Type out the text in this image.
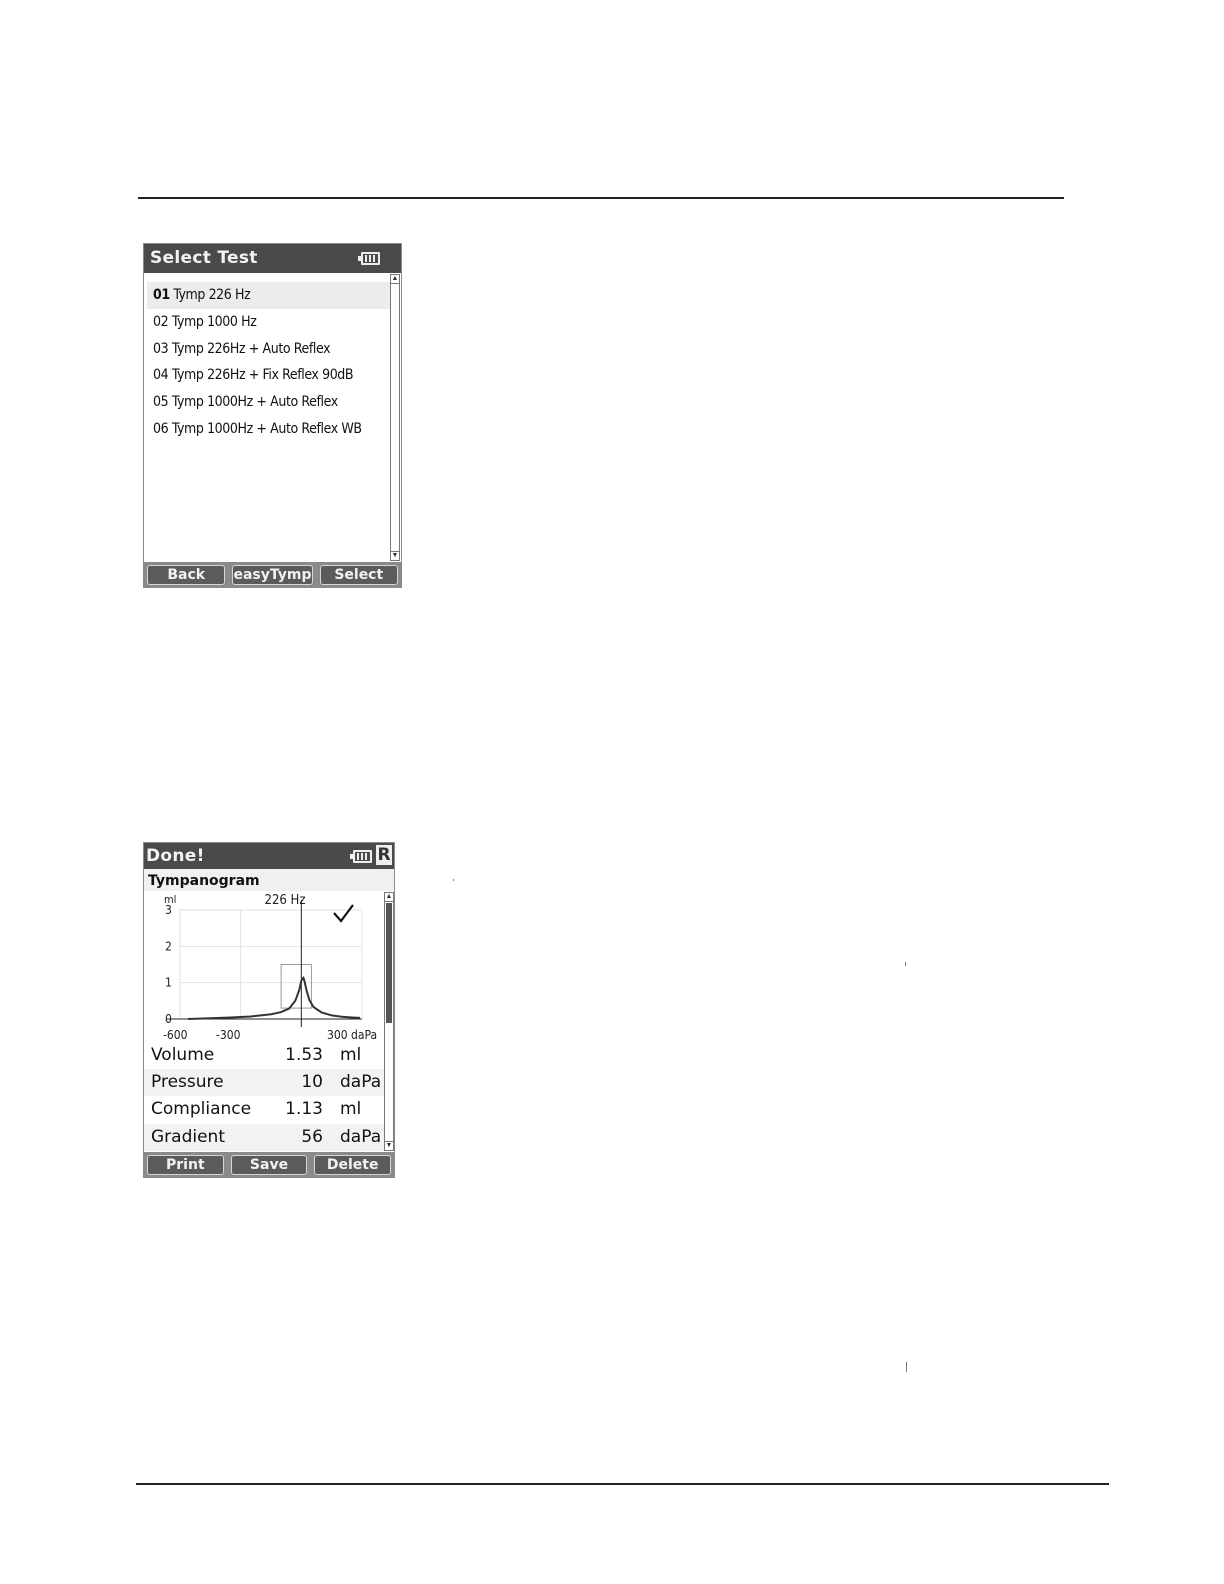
Select Test
01 Tymp 226 Hz
02 Tymp 1000 Hz
03 Tymp 226Hz + Auto Reflex
04 Tymp 226Hz + Fix Reflex 90dB
05 Tymp 1000Hz + Auto Reflex
06 Tymp 1000Hz + Auto Reflex WB
▲
▼
Back	easyTymp	Select
Done!	R
Tympanogram
ml	226 Hz
3
2
1
0
-600 -300	300 daPa
Volume	1.53 ml
Pressure	10 daPa
Compliance 1.13 ml
Gradient	56 daPa
▲
▼
Print	Save	Delete
